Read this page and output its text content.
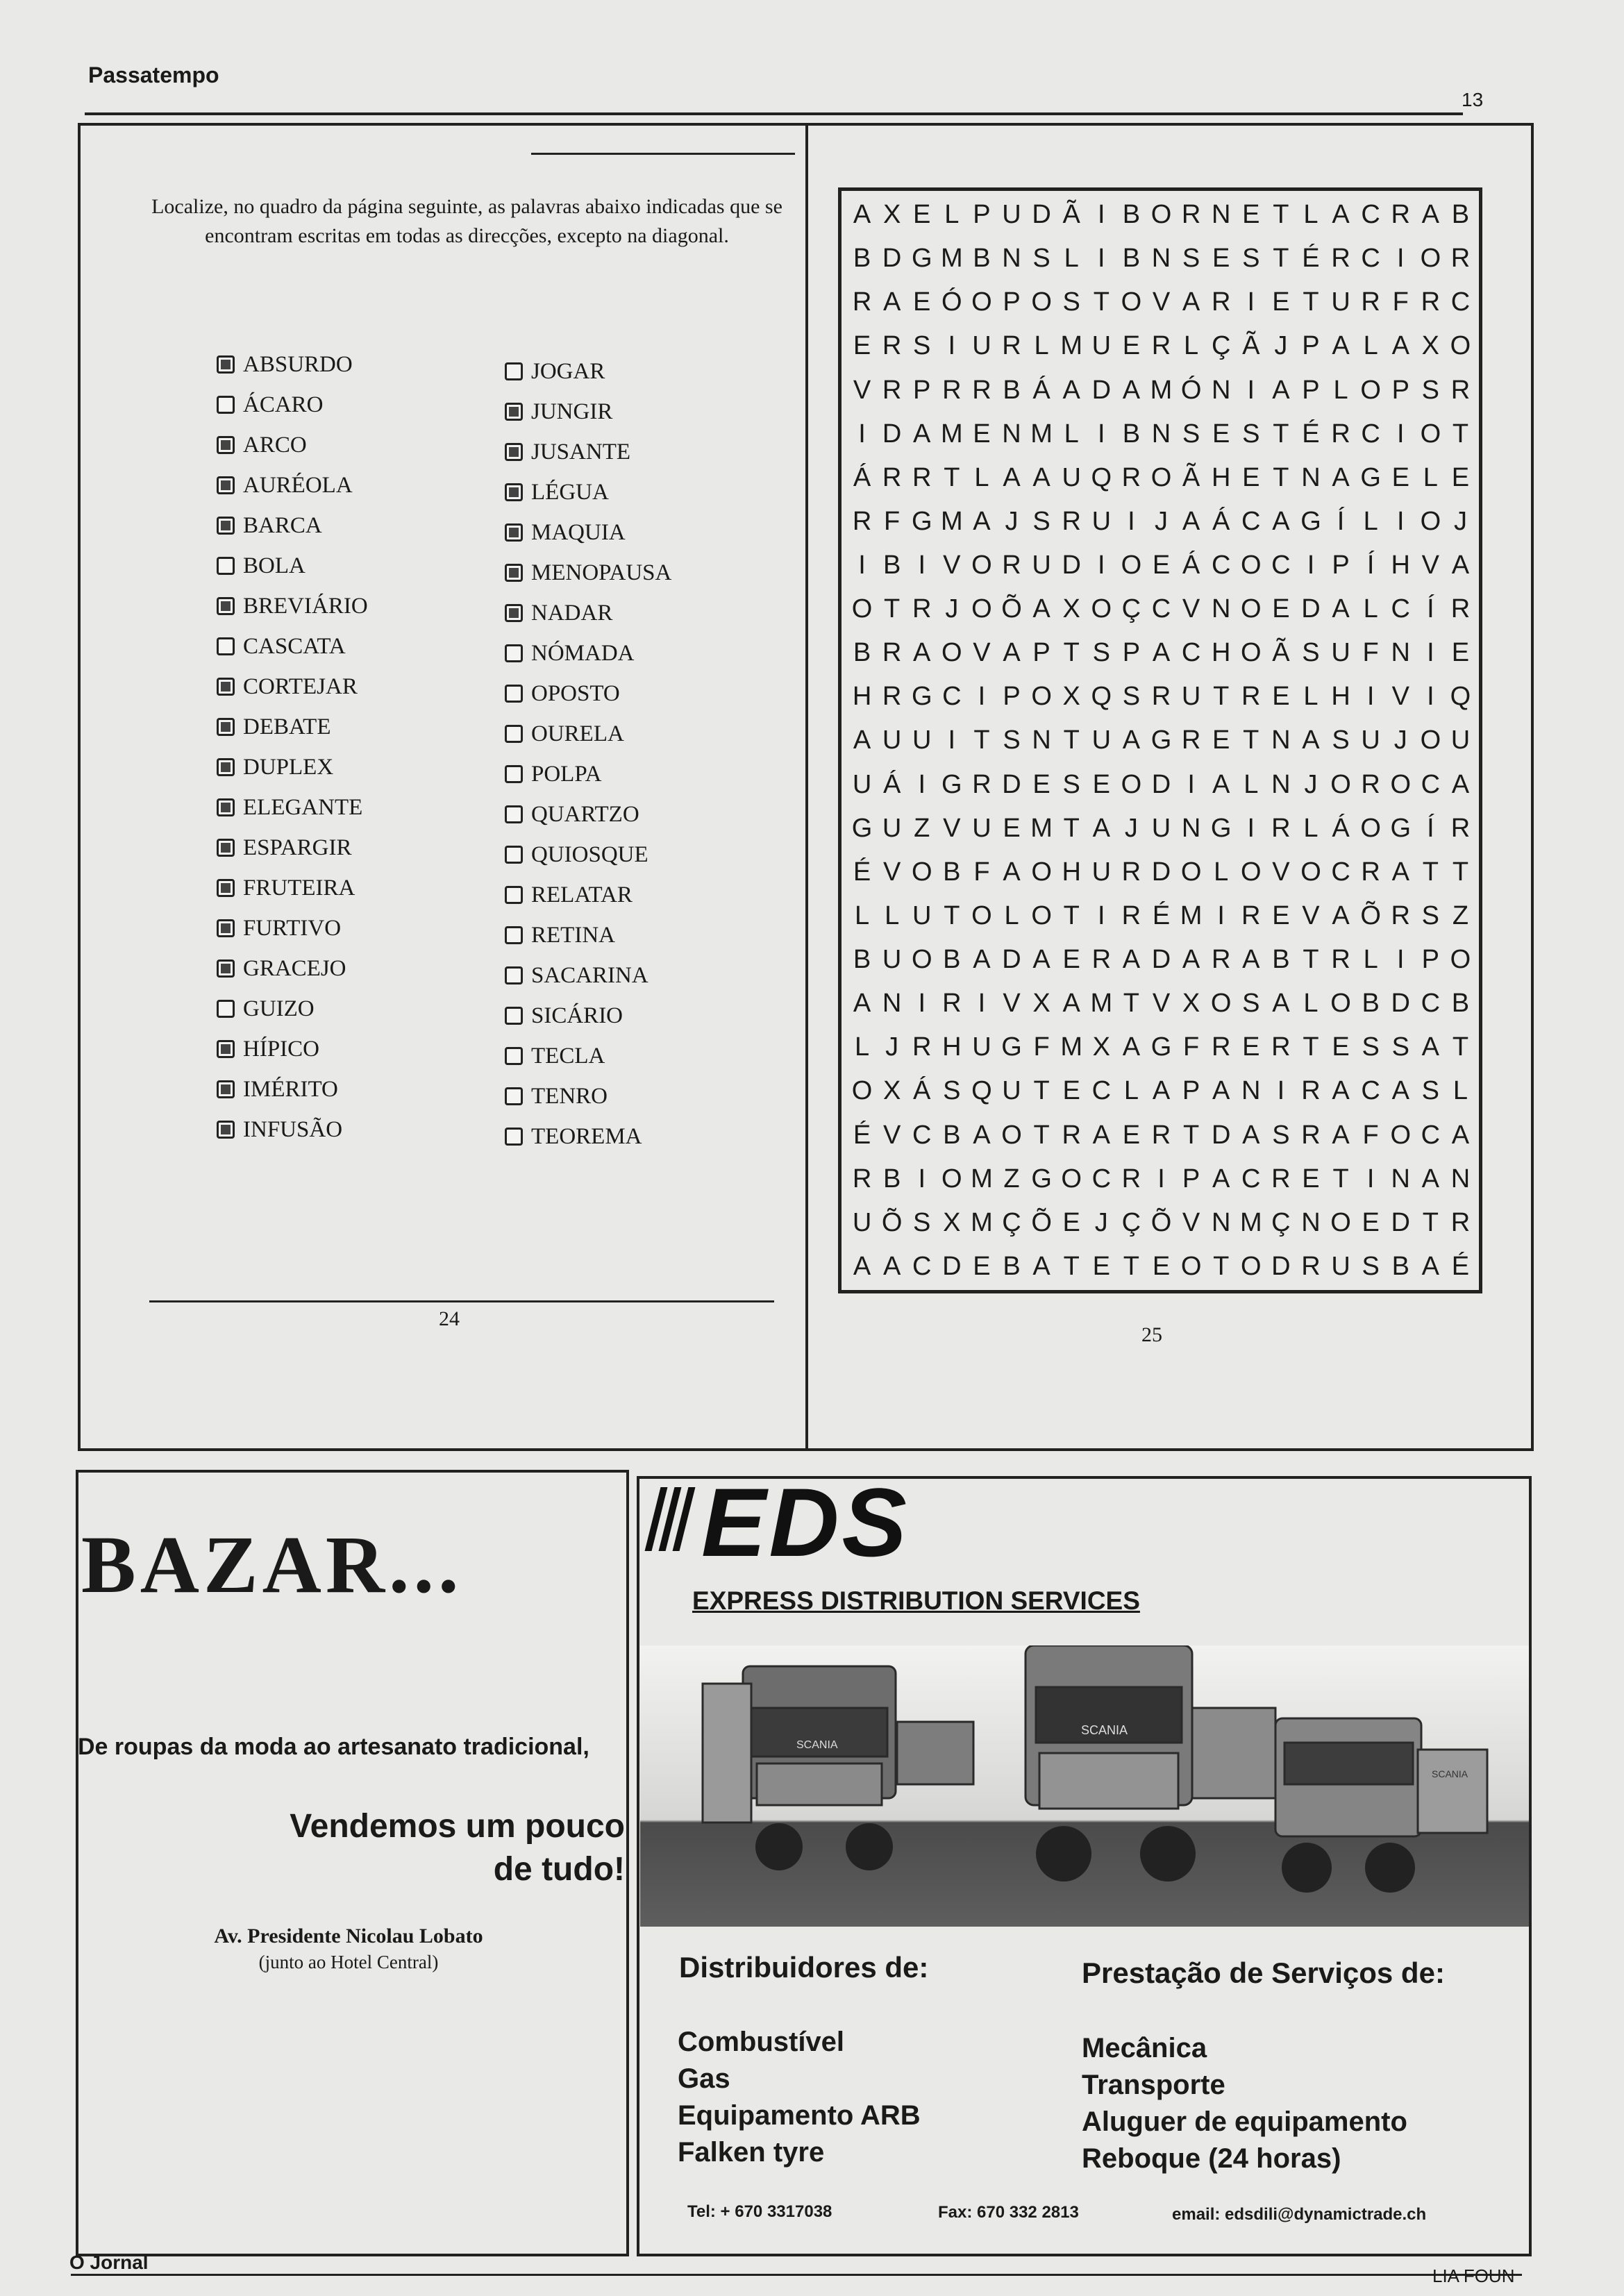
Passatempo
13
Localize, no quadro da página seguinte, as palavras abaixo indicadas que se encontram escritas em todas as direcções, excepto na diagonal.
ABSURDO
ÁCARO
ARCO
AURÉOLA
BARCA
BOLA
BREVIÁRIO
CASCATA
CORTEJAR
DEBATE
DUPLEX
ELEGANTE
ESPARGIR
FRUTEIRA
FURTIVO
GRACEJO
GUIZO
HÍPICO
IMÉRITO
INFUSÃO
JOGAR
JUNGIR
JUSANTE
LÉGUA
MAQUIA
MENOPAUSA
NADAR
NÓMADA
OPOSTO
OURELA
POLPA
QUARTZO
QUIOSQUE
RELATAR
RETINA
SACARINA
SICÁRIO
TECLA
TENRO
TEOREMA
24
A X E L P U D Ã I B O R N E T L A C R A B
B D G M B N S L I B N S E S T É R C I O R
R A E Ó O P O S T O V A R I E T U R F R C
E R S I U R L M U E R L Ç Ã J P A L A X O
V R P R R B Á A D A M Ó N I A P L O P S R
I D A M E N M L I B N S E S T É R C I O T
Á R R T L A A U Q R O Ã H E T N A G E L E
R F G M A J S R U I J A Á C A G Í L I O J
I B I V O R U D I O E Á C O C I P Í H V A
O T R J O Õ A X O Ç C V N O E D A L C Í R
B R A O V A P T S P A C H O Ã S U F N I E
H R G C I P O X Q S R U T R E L H I V I Q
A U U I T S N T U A G R E T N A S U J O U
U Á I G R D E S E O D I A L N J O R O C A
G U Z V U E M T A J U N G I R L Á O G Í R
É V O B F A O H U R D O L O V O C R A T T
L L U T O L O T I R É M I R E V A Õ R S Z
B U O B A D A E R A D A R A B T R L I P O
A N I R I V X A M T V X O S A L O B D C B
L J R H U G F M X A G F R E R T E S S A T
O X Á S Q U T E C L A P A N I R A C A S L
É V C B A O T R A E R T D A S R A F O C A
R B I O M Z G O C R I P A C R E T I N A N
U Õ S X M Ç Õ E J Ç Õ V N M Ç N O E D T R
A A C D E B A T E T E O T O D R U S B A É
25
BAZAR...
De roupas da moda ao artesanato tradicional,
Vendemos um pouco
de tudo!
Av. Presidente Nicolau Lobato
(junto ao Hotel Central)
EDS
EXPRESS DISTRIBUTION SERVICES
SCANIA
SCANIA
SCANIA
Distribuidores de:
Combustível
Gas
Equipamento ARB
Falken tyre
Prestação de Serviços de:
Mecânica
Transporte
Aluguer de equipamento
Reboque (24 horas)
Tel: + 670 3317038	Fax: 670 332 2813	email: edsdili@dynamictrade.ch
O Jornal
LIA FOUN
